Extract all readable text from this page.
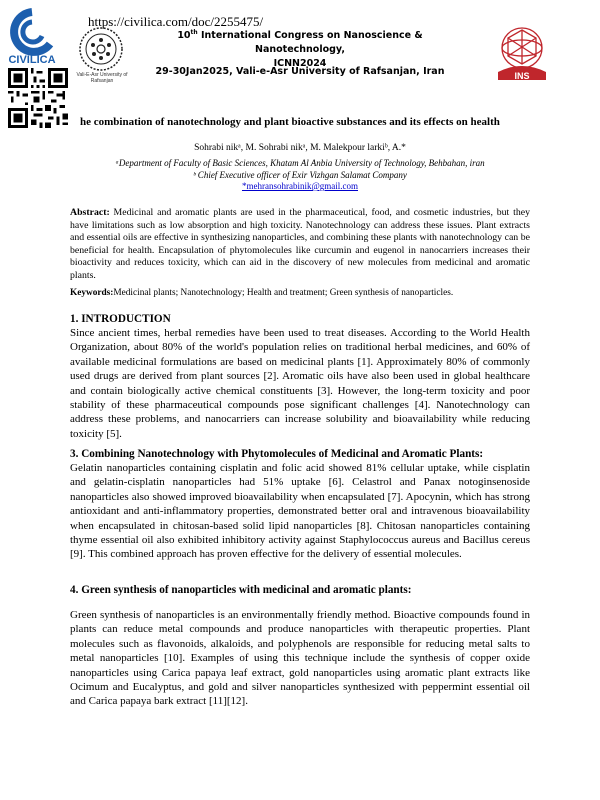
CIVILICA
https://civilica.com/doc/2255475/
Vali-E-Asr University of Rafsanjan
10th International Congress on Nanoscience & Nanotechnology,
ICNN2024
29-30Jan2025, Vali-e-Asr University of Rafsanjan, Iran	INS
he combination of nanotechnology and plant bioactive substances and its effects on health
Sohrabi nikᵃ, M. Sohrabi nikᵃ, M. Malekpour larkiᵇ, A.*
ᵃDepartment of Faculty of Basic Sciences, Khatam Al Anbia University of Technology, Behbahan, iran
ᵇ Chief Executive officer of Exir Vizhgan Salamat Company
*mehransohrabinik@gmail.com
Abstract: Medicinal and aromatic plants are used in the pharmaceutical, food, and cosmetic industries, but they have limitations such as low absorption and high toxicity. Nanotechnology can address these issues. Plant extracts and essential oils are effective in synthesizing nanoparticles, and combining these plants with nanotechnology can be beneficial for health. Encapsulation of phytomolecules like curcumin and eugenol in nanocarriers increases their bioactivity and reduces toxicity, which can aid in the discovery of new molecules from medicinal and aromatic plants.
Keywords:Medicinal plants; Nanotechnology; Health and treatment; Green synthesis of nanoparticles.
1. INTRODUCTION
Since ancient times, herbal remedies have been used to treat diseases. According to the World Health Organization, about 80% of the world's population relies on traditional herbal medicines, and 60% of available medicinal formulations are based on medicinal plants [1]. Approximately 80% of commonly used drugs are derived from plant sources [2]. Aromatic oils have also been used in global healthcare and contain biologically active chemical constituents [3]. However, the long-term toxicity and poor stability of these pharmaceutical compounds pose significant challenges [4]. Nanotechnology can address these problems, and nanocarriers can increase solubility and bioavailability while reducing toxicity [5].
3. Combining Nanotechnology with Phytomolecules of Medicinal and Aromatic Plants:
Gelatin nanoparticles containing cisplatin and folic acid showed 81% cellular uptake, while cisplatin and gelatin-cisplatin nanoparticles had 51% uptake [6]. Celastrol and Panax notoginsenoside nanoparticles also showed improved bioavailability when encapsulated [7]. Apocynin, which has strong antioxidant and anti-inflammatory properties, demonstrated better oral and intravenous bioavailability when encapsulated in chitosan-based solid lipid nanoparticles [8]. Chitosan nanoparticles containing thyme essential oil also exhibited inhibitory activity against Staphylococcus aureus and Bacillus cereus [9]. This combined approach has proven effective for the delivery of essential molecules.
4. Green synthesis of nanoparticles with medicinal and aromatic plants:
Green synthesis of nanoparticles is an environmentally friendly method. Bioactive compounds found in plants can reduce metal compounds and produce nanoparticles with therapeutic properties. Plant molecules such as flavonoids, alkaloids, and polyphenols are responsible for reducing metal salts to metal nanoparticles [10]. Examples of using this technique include the synthesis of copper oxide nanoparticles using Carica papaya leaf extract, gold nanoparticles using aromatic plant extracts like Ocimum and Eucalyptus, and gold and silver nanoparticles synthesized with peppermint essential oil and Carica papaya bark extract [11][12].
